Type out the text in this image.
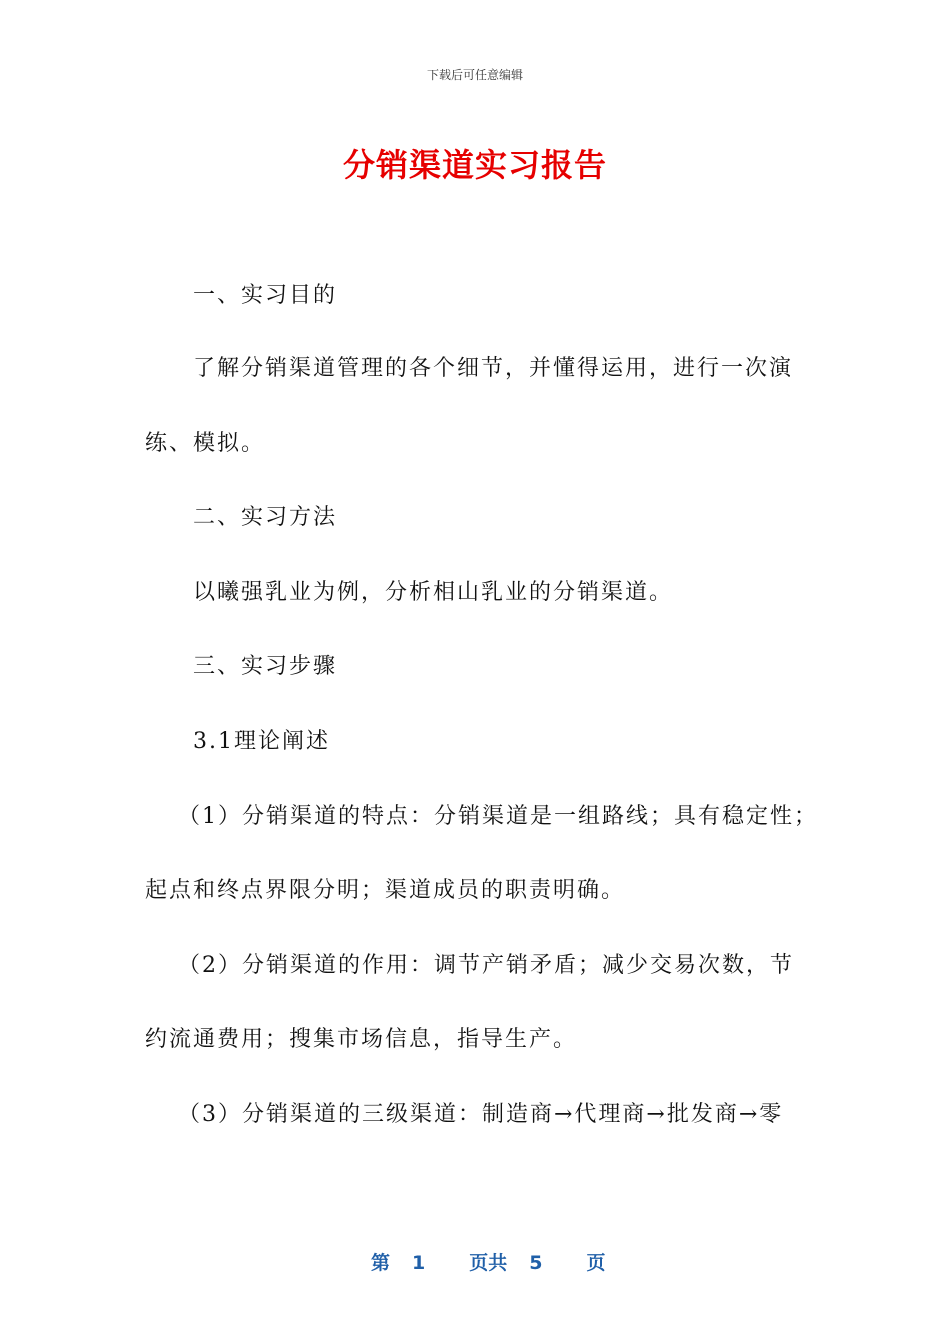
下载后可任意编辑
分销渠道实习报告

一、实习目的

了解分销渠道管理的各个细节，并懂得运用，进行一次演

练、模拟。

二、实习方法

以曦强乳业为例，分析相山乳业的分销渠道。

三、实习步骤

3.1理论阐述

（1）分销渠道的特点：分销渠道是一组路线；具有稳定性；

起点和终点界限分明；渠道成员的职责明确。

（2）分销渠道的作用：调节产销矛盾；减少交易次数，节

约流通费用；搜集市场信息，指导生产。

（3）分销渠道的三级渠道：制造商→代理商→批发商→零

第 1 页共 5 页
